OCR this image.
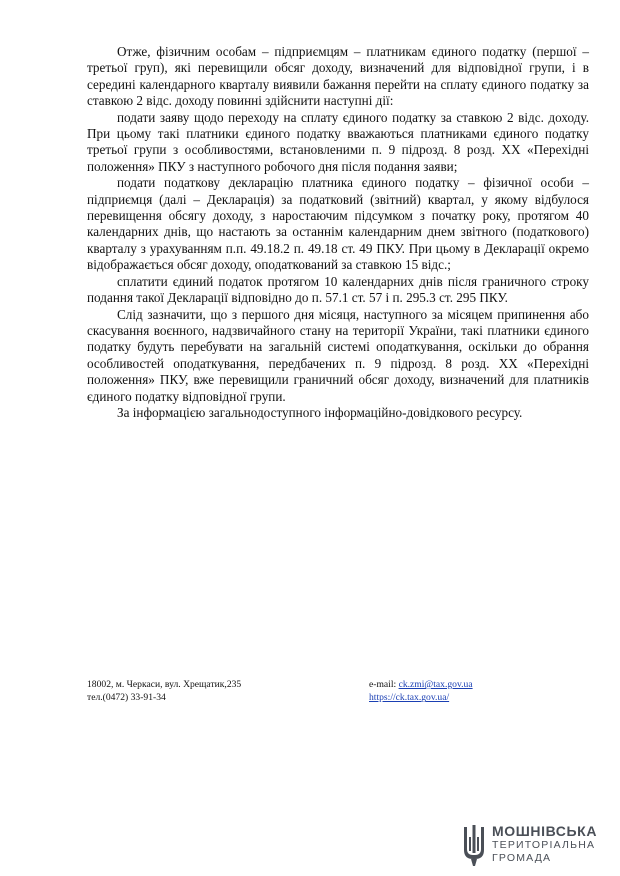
Отже, фізичним особам – підприємцям – платникам єдиного податку (першої – третьої груп), які перевищили обсяг доходу, визначений для відповідної групи, і в середині календарного кварталу виявили бажання перейти на сплату єдиного податку за ставкою 2 відс. доходу повинні здійснити наступні дії:

подати заяву щодо переходу на сплату єдиного податку за ставкою 2 відс. доходу. При цьому такі платники єдиного податку вважаються платниками єдиного податку третьої групи з особливостями, встановленими п. 9 підрозд. 8 розд. ХХ «Перехідні положення» ПКУ з наступного робочого дня після подання заяви;

подати податкову декларацію платника єдиного податку – фізичної особи – підприємця (далі – Декларація) за податковий (звітний) квартал, у якому відбулося перевищення обсягу доходу, з наростаючим підсумком з початку року, протягом 40 календарних днів, що настають за останнім календарним днем звітного (податкового) кварталу з урахуванням п.п. 49.18.2 п. 49.18 ст. 49 ПКУ. При цьому в Декларації окремо відображається обсяг доходу, оподаткований за ставкою 15 відс.;

сплатити єдиний податок протягом 10 календарних днів після граничного строку подання такої Декларації відповідно до п. 57.1 ст. 57 і п. 295.3 ст. 295 ПКУ.

Слід зазначити, що з першого дня місяця, наступного за місяцем припинення або скасування воєнного, надзвичайного стану на території України, такі платники єдиного податку будуть перебувати на загальній системі оподаткування, оскільки до обрання особливостей оподаткування, передбачених п. 9 підрозд. 8 розд. ХХ «Перехідні положення» ПКУ, вже перевищили граничний обсяг доходу, визначений для платників єдиного податку відповідної групи.

За інформацією загальнодоступного інформаційно-довідкового ресурсу.

18002, м. Черкаси, вул. Хрещатик,235
тел.(0472) 33-91-34
e-mail: ck.zmi@tax.gov.ua
https://ck.tax.gov.ua/
МОШНІВСЬКА
ТЕРИТОРІАЛЬНА
ГРОМАДА
